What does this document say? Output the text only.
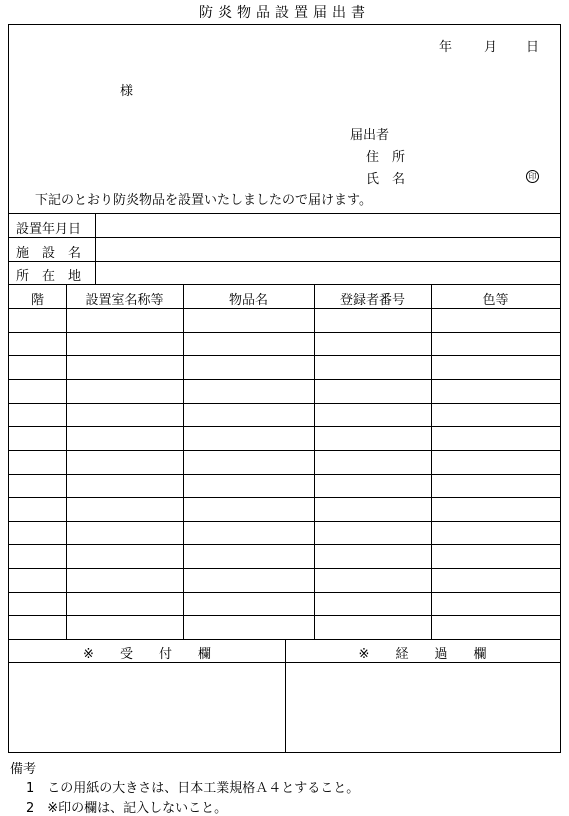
防炎物品設置届出書
年 月 日
様
届出者
住　所
氏　名	印
下記のとおり防炎物品を設置いたしましたので届けます。
設置年月日
施　設　名
所　在　地
階	設置室名称等	物品名	登録者番号	色等
※　　受　　付　　欄	※　　経　　過　　欄
備考
1　この用紙の大きさは、日本工業規格Ａ４とすること。
2　※印の欄は、記入しないこと。
